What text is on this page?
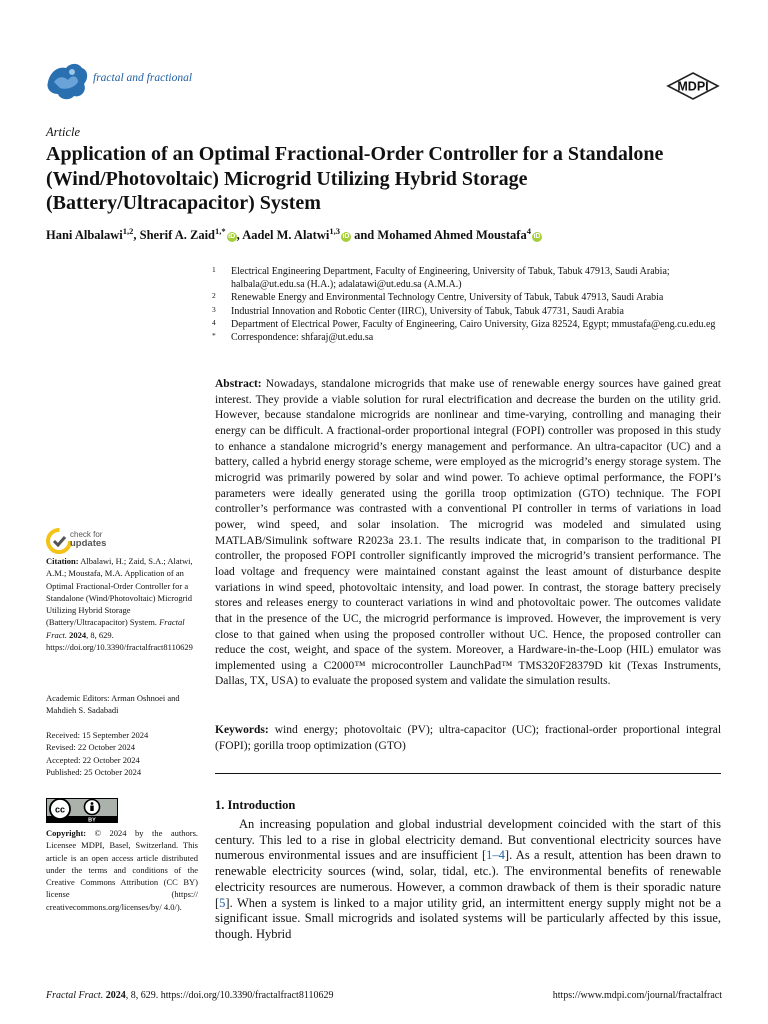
fractal and fractional
MDPI
Article
Application of an Optimal Fractional-Order Controller for a Standalone (Wind/Photovoltaic) Microgrid Utilizing Hybrid Storage (Battery/Ultracapacitor) System
Hani Albalawi$^{1,2}$, Sherif A. Zaid$^{1,*}$iD , Aadel M. Alatwi$^{1,3}$iD and Mohamed Ahmed Moustafa$^4$iD
1	Electrical Engineering Department, Faculty of Engineering, University of Tabuk, Tabuk 47913, Saudi Arabia; halbala@ut.edu.sa (H.A.); adalatawi@ut.edu.sa (A.M.A.)
2	Renewable Energy and Environmental Technology Centre, University of Tabuk, Tabuk 47913, Saudi Arabia
3	Industrial Innovation and Robotic Center (IIRC), University of Tabuk, Tabuk 47731, Saudi Arabia
4	Department of Electrical Power, Faculty of Engineering, Cairo University, Giza 82524, Egypt; mmustafa@eng.cu.edu.eg
*	Correspondence: shfaraj@ut.edu.sa

Abstract: Nowadays, standalone microgrids that make use of renewable energy sources have gained great interest. They provide a viable solution for rural electrification and decrease the burden on the utility grid. However, because standalone microgrids are nonlinear and time-varying, controlling and managing their energy can be difficult. A fractional-order proportional integral (FOPI) controller was proposed in this study to enhance a standalone microgrid’s energy management and performance. An ultra-capacitor (UC) and a battery, called a hybrid energy storage scheme, were employed as the microgrid’s energy storage system. The microgrid was primarily powered by solar and wind power. To achieve optimal performance, the FOPI’s parameters were ideally generated using the gorilla troop optimization (GTO) technique. The FOPI controller’s performance was contrasted with a conventional PI controller in terms of variations in load power, wind speed, and solar insolation. The microgrid was modeled and simulated using MATLAB/Simulink software R2023a 23.1. The results indicate that, in comparison to the traditional PI controller, the proposed FOPI controller significantly improved the microgrid’s transient performance. The load voltage and frequency were maintained constant against the least amount of disturbance despite variations in wind speed, photovoltaic intensity, and load power. In contrast, the storage battery precisely stores and releases energy to counteract variations in wind and photovoltaic power. The outcomes validate that in the presence of the UC, the microgrid performance is improved. However, the improvement is very close to that gained when using the proposed controller without UC. Hence, the proposed controller can reduce the cost, weight, and space of the system. Moreover, a Hardware-in-the-Loop (HIL) emulator was implemented using a C2000™ microcontroller LaunchPad™ TMS320F28379D kit (Texas Instruments, Dallas, TX, USA) to evaluate the proposed system and validate the simulation results.

Keywords: wind energy; photovoltaic (PV); ultra-capacitor (UC); fractional-order proportional integral (FOPI); gorilla troop optimization (GTO)

check for
updates
Citation: Albalawi, H.; Zaid, S.A.; Alatwi, A.M.; Moustafa, M.A. Application of an Optimal Fractional-Order Controller for a Standalone (Wind/Photovoltaic) Microgrid Utilizing Hybrid Storage (Battery/Ultracapacitor) System. Fractal Fract. 2024, 8, 629. https://doi.org/10.3390/fractalfract8110629
Academic Editors: Arman Oshnoei and Mahdieh S. Sadabadi
Received: 15 September 2024
Revised: 22 October 2024
Accepted: 22 October 2024
Published: 25 October 2024
cc
BY
Copyright: © 2024 by the authors. Licensee MDPI, Basel, Switzerland. This article is an open access article distributed under the terms and conditions of the Creative Commons Attribution (CC BY) license (https:// creativecommons.org/licenses/by/ 4.0/).
1. Introduction

An increasing population and global industrial development coincided with the start of this century. This led to a rise in global electricity demand. But conventional electricity sources have numerous environmental issues and are insufficient [1–4]. As a result, attention has been drawn to renewable electricity sources (wind, solar, tidal, etc.). The environmental benefits of renewable electricity resources are numerous. However, a common drawback of them is their sporadic nature [5]. When a system is linked to a major utility grid, an intermittent energy supply might not be a significant issue. Small microgrids and isolated systems will be particularly affected by this issue, though. Hybrid

Fractal Fract. 2024, 8, 629. https://doi.org/10.3390/fractalfract8110629	https://www.mdpi.com/journal/fractalfract
